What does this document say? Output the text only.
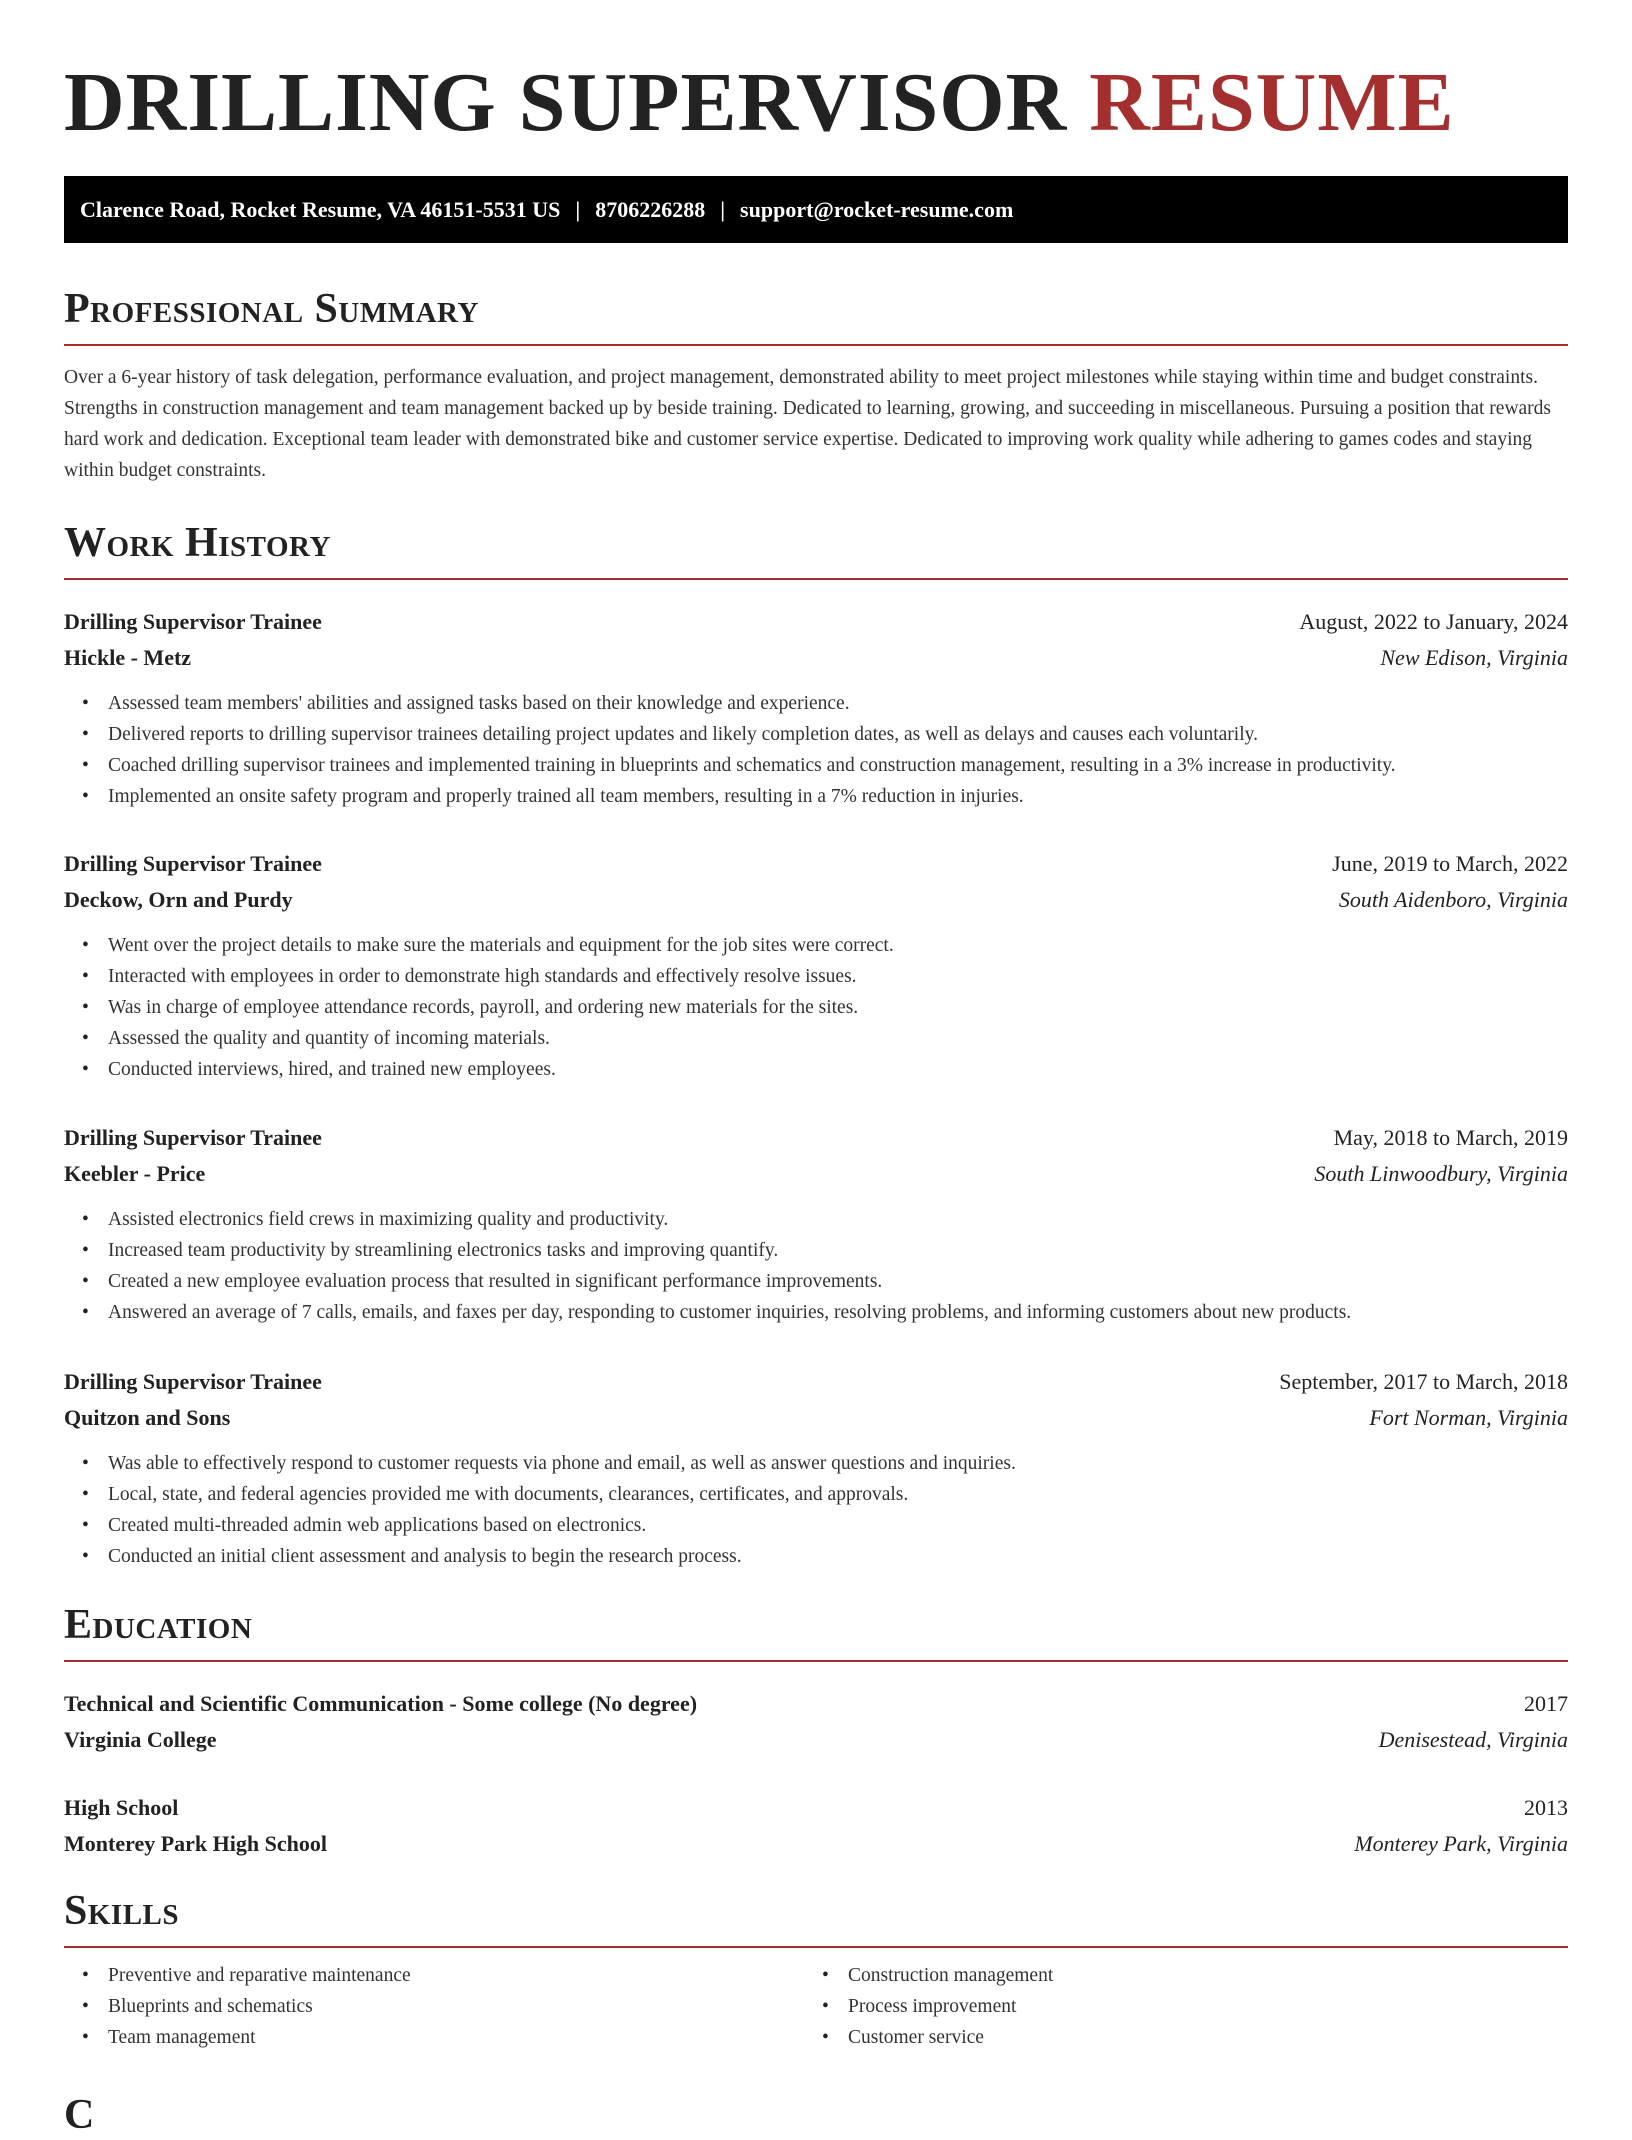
DRILLING SUPERVISOR RESUME
Clarence Road, Rocket Resume, VA 46151-5531 US | 8706226288 | support@rocket-resume.com
Professional Summary

Over a 6-year history of task delegation, performance evaluation, and project management, demonstrated ability to meet project milestones while staying within time and budget constraints. Strengths in construction management and team management backed up by beside training. Dedicated to learning, growing, and succeeding in miscellaneous. Pursuing a position that rewards hard work and dedication. Exceptional team leader with demonstrated bike and customer service expertise. Dedicated to improving work quality while adhering to games codes and staying within budget constraints.

Work History
Drilling Supervisor Trainee	August, 2022 to January, 2024
Hickle - Metz	New Edison, Virginia
• Assessed team members' abilities and assigned tasks based on their knowledge and experience.
• Delivered reports to drilling supervisor trainees detailing project updates and likely completion dates, as well as delays and causes each voluntarily.
• Coached drilling supervisor trainees and implemented training in blueprints and schematics and construction management, resulting in a 3% increase in productivity.
• Implemented an onsite safety program and properly trained all team members, resulting in a 7% reduction in injuries.
Drilling Supervisor Trainee	June, 2019 to March, 2022
Deckow, Orn and Purdy	South Aidenboro, Virginia
• Went over the project details to make sure the materials and equipment for the job sites were correct.
• Interacted with employees in order to demonstrate high standards and effectively resolve issues.
• Was in charge of employee attendance records, payroll, and ordering new materials for the sites.
• Assessed the quality and quantity of incoming materials.
• Conducted interviews, hired, and trained new employees.
Drilling Supervisor Trainee	May, 2018 to March, 2019
Keebler - Price	South Linwoodbury, Virginia
• Assisted electronics field crews in maximizing quality and productivity.
• Increased team productivity by streamlining electronics tasks and improving quantify.
• Created a new employee evaluation process that resulted in significant performance improvements.
• Answered an average of 7 calls, emails, and faxes per day, responding to customer inquiries, resolving problems, and informing customers about new products.
Drilling Supervisor Trainee	September, 2017 to March, 2018
Quitzon and Sons	Fort Norman, Virginia
• Was able to effectively respond to customer requests via phone and email, as well as answer questions and inquiries.
• Local, state, and federal agencies provided me with documents, clearances, certificates, and approvals.
• Created multi-threaded admin web applications based on electronics.
• Conducted an initial client assessment and analysis to begin the research process.
Education
Technical and Scientific Communication - Some college (No degree)	2017
Virginia College	Denisestead, Virginia
High School	2013
Monterey Park High School	Monterey Park, Virginia
Skills
• Preventive and reparative maintenance
• Blueprints and schematics
• Team management
• Construction management
• Process improvement
• Customer service
C
